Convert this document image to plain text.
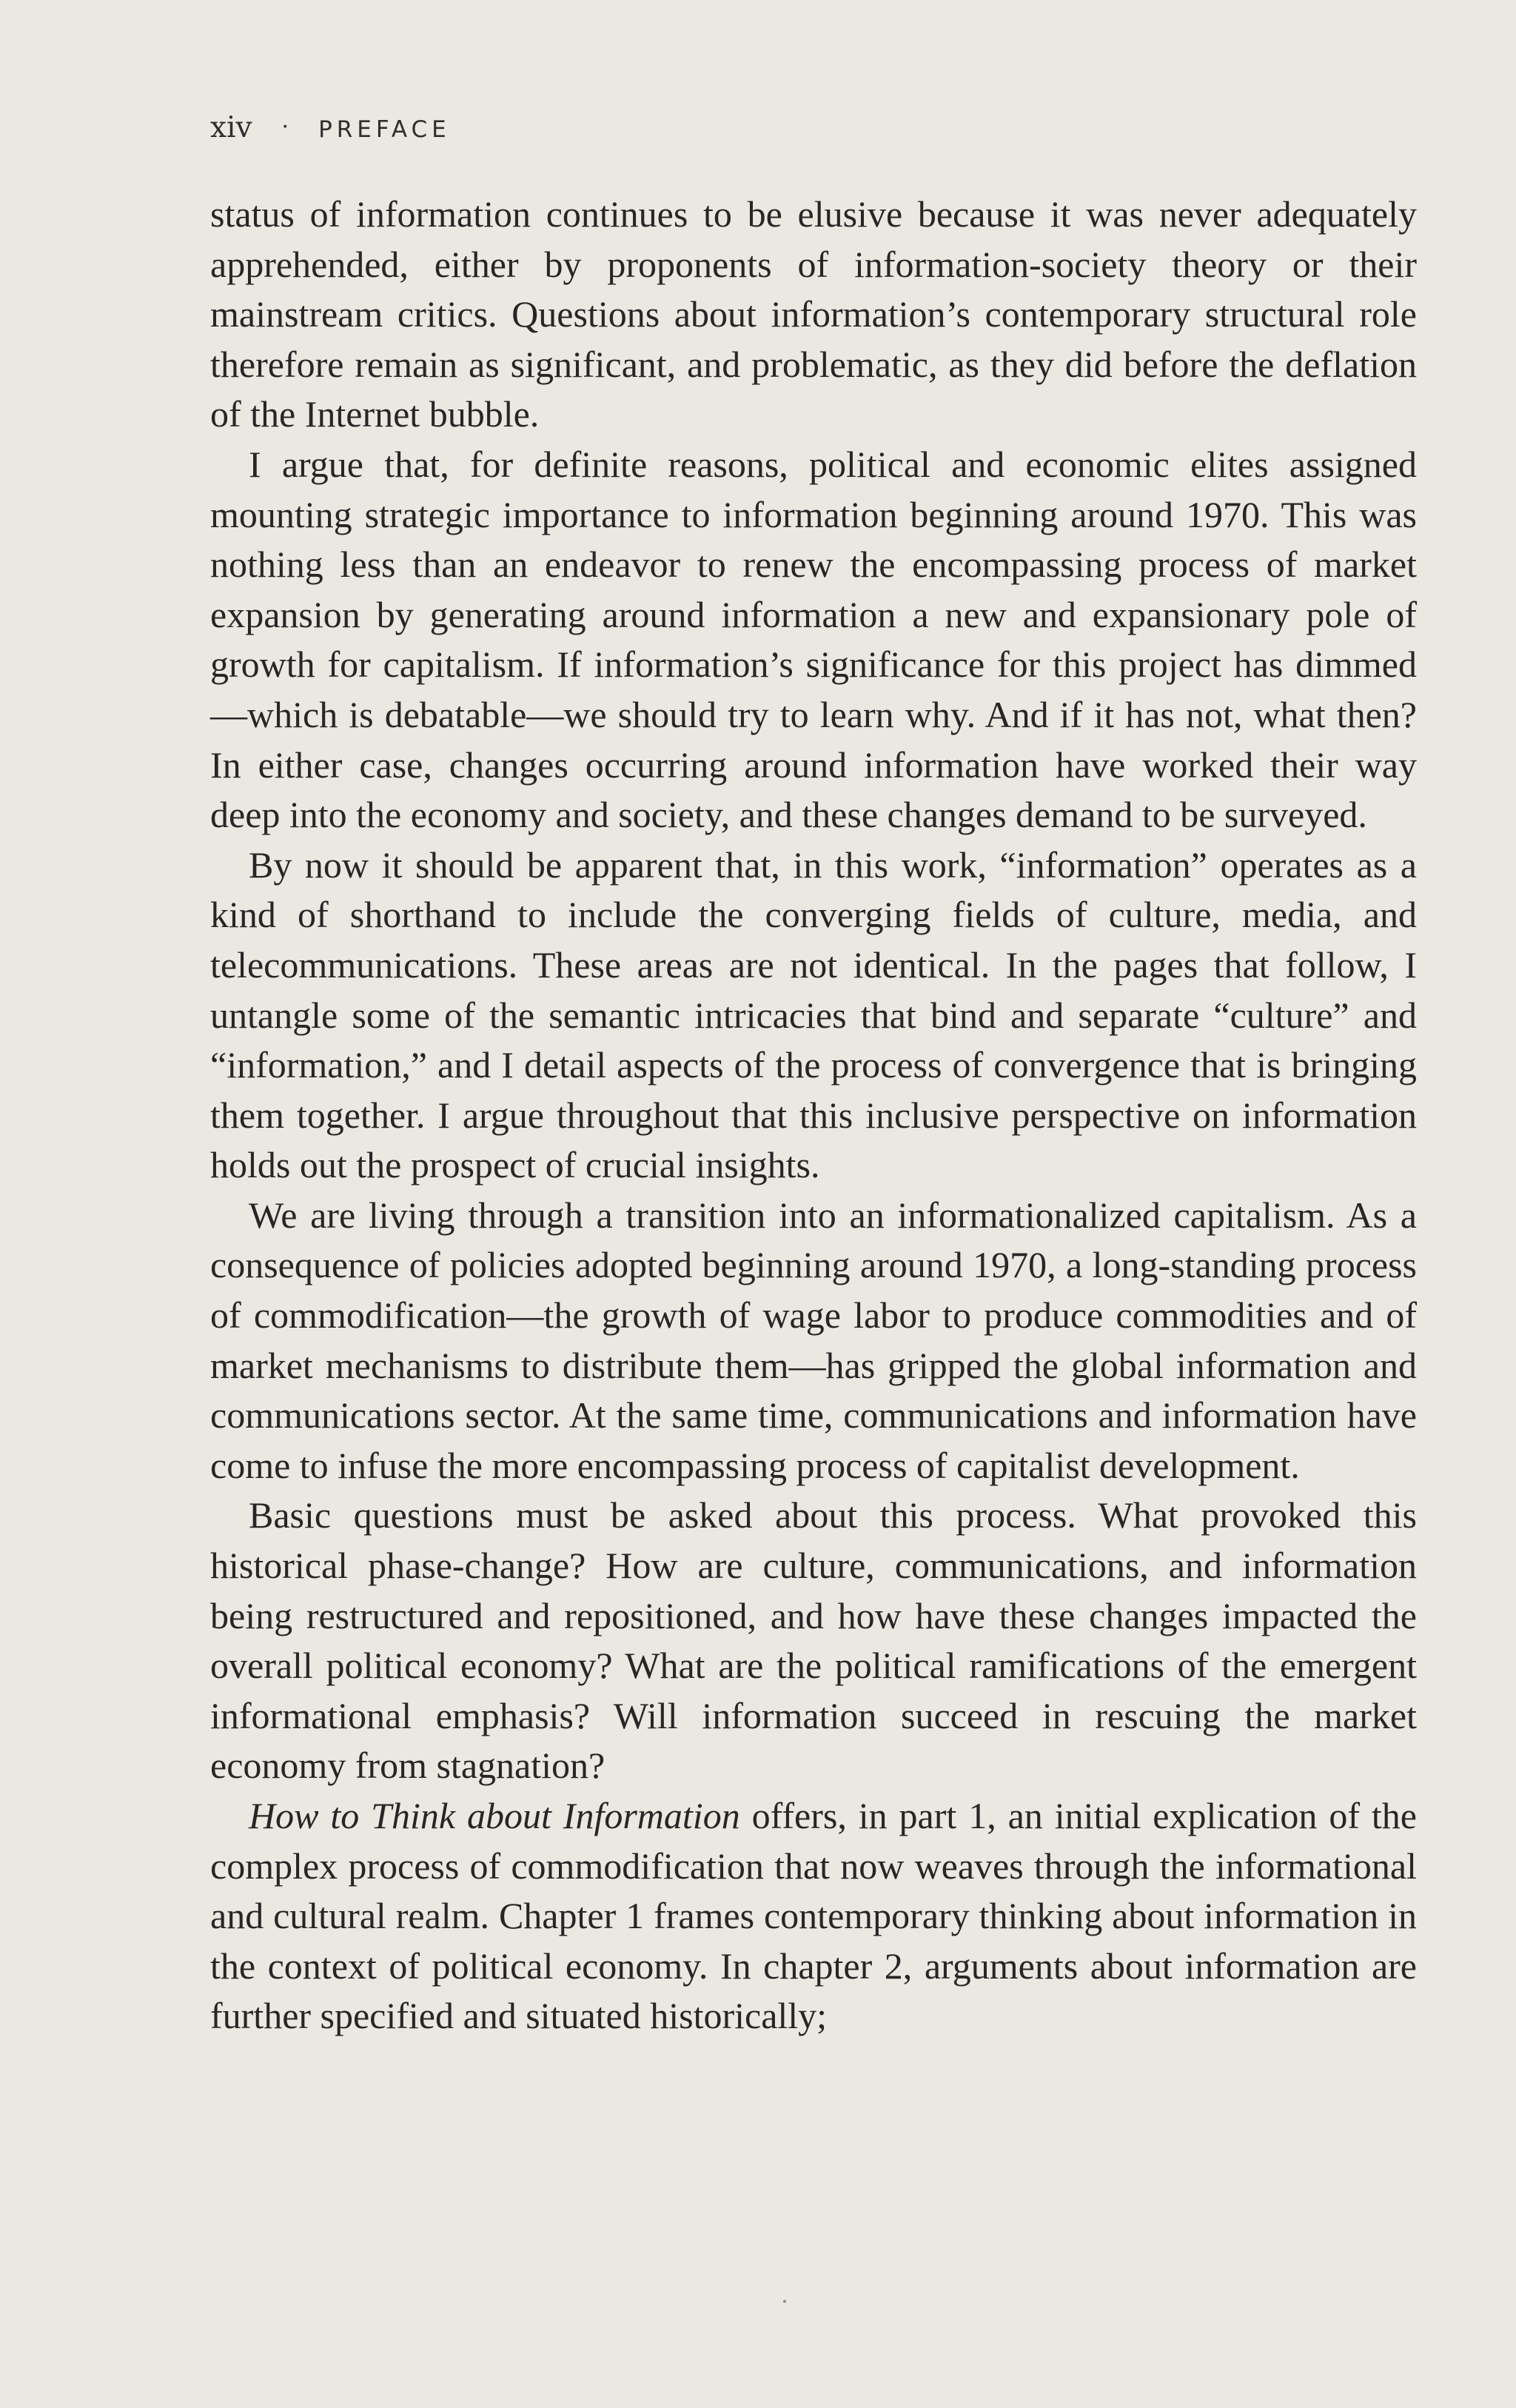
xiv · PREFACE

status of information continues to be elusive because it was never adequately apprehended, either by proponents of information-society theory or their mainstream critics. Questions about information’s contemporary structural role therefore remain as significant, and problematic, as they did before the deflation of the Internet bubble.

I argue that, for definite reasons, political and economic elites assigned mounting strategic importance to information beginning around 1970. This was nothing less than an endeavor to renew the encompassing process of market expansion by generating around information a new and expansionary pole of growth for capitalism. If information’s significance for this project has dimmed—which is debatable—we should try to learn why. And if it has not, what then? In either case, changes occurring around information have worked their way deep into the economy and society, and these changes demand to be surveyed.

By now it should be apparent that, in this work, “information” operates as a kind of shorthand to include the converging fields of culture, media, and telecommunications. These areas are not identical. In the pages that follow, I untangle some of the semantic intricacies that bind and separate “culture” and “information,” and I detail aspects of the process of convergence that is bringing them together. I argue throughout that this inclusive perspective on information holds out the prospect of crucial insights.

We are living through a transition into an informationalized capitalism. As a consequence of policies adopted beginning around 1970, a long-standing process of commodification—the growth of wage labor to produce commodities and of market mechanisms to distribute them—has gripped the global information and communications sector. At the same time, communications and information have come to infuse the more encompassing process of capitalist development.

Basic questions must be asked about this process. What provoked this historical phase-change? How are culture, communications, and information being restructured and repositioned, and how have these changes impacted the overall political economy? What are the political ramifications of the emergent informational emphasis? Will information succeed in rescuing the market economy from stagnation?

How to Think about Information offers, in part 1, an initial explication of the complex process of commodification that now weaves through the informational and cultural realm. Chapter 1 frames contemporary thinking about information in the context of political economy. In chapter 2, arguments about information are further specified and situated historically;
